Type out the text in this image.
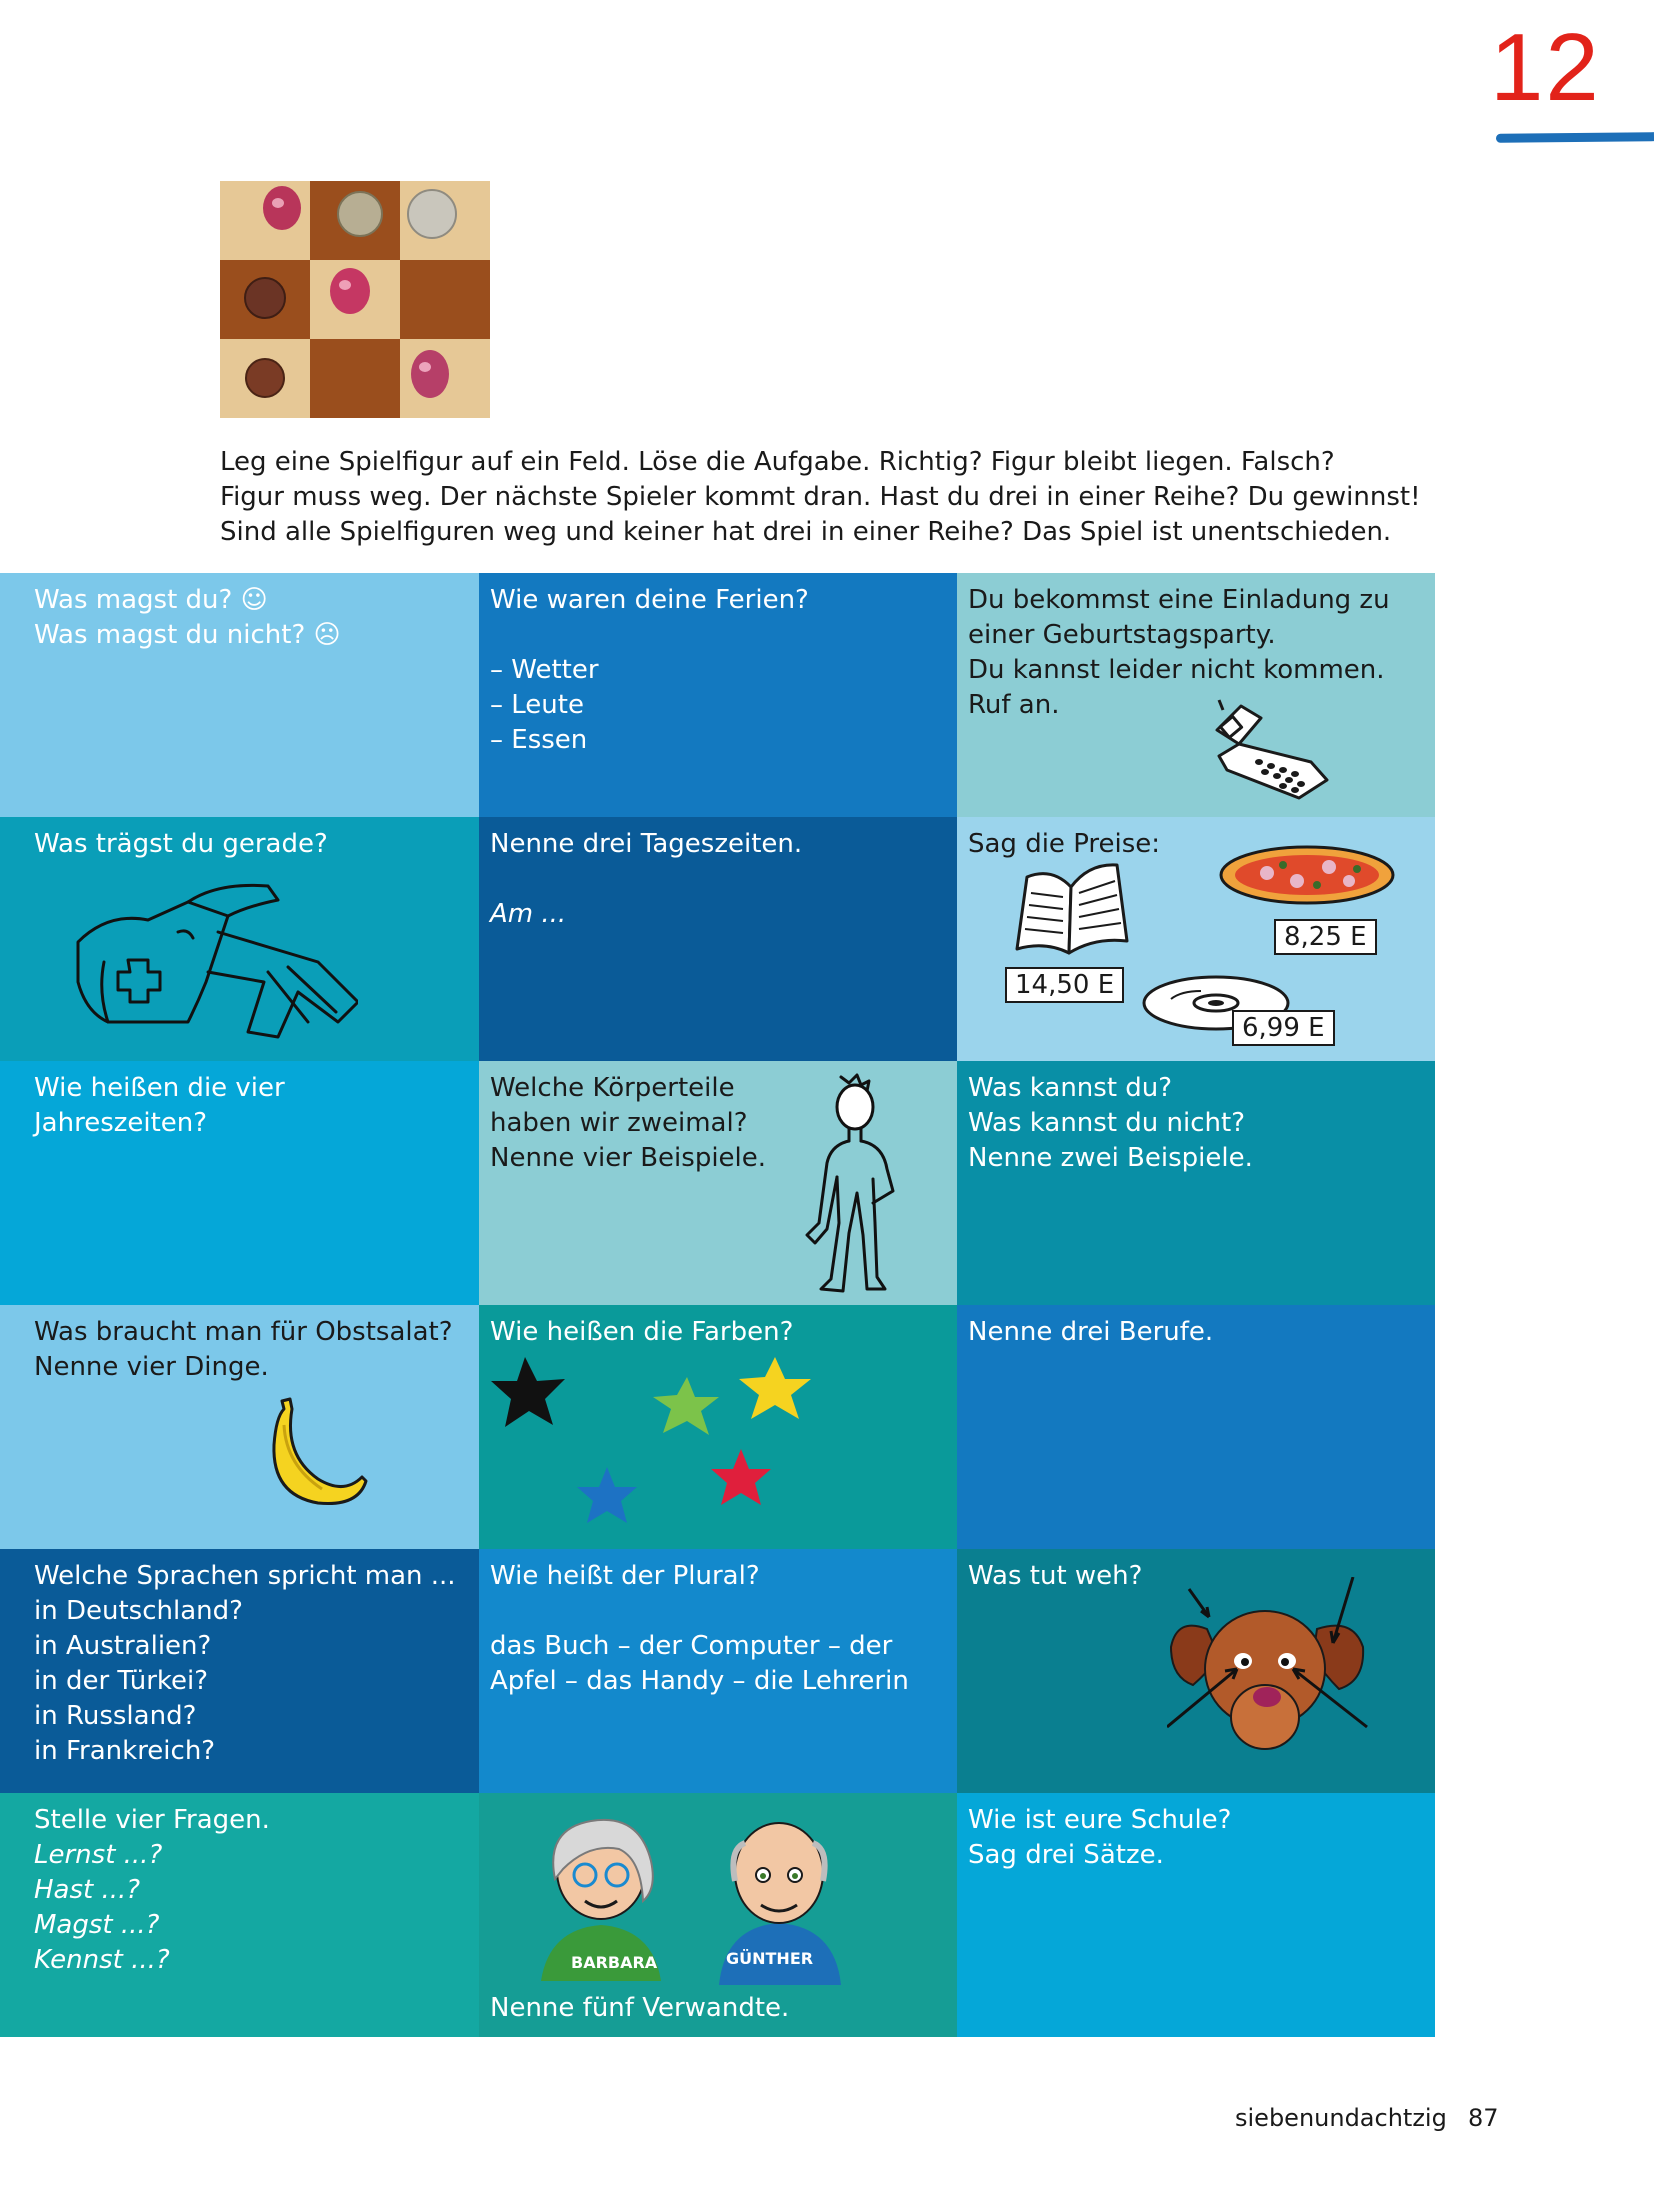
12
Leg eine Spielfigur auf ein Feld. Löse die Aufgabe. Richtig? Figur bleibt liegen. Falsch?
Figur muss weg. Der nächste Spieler kommt dran. Hast du drei in einer Reihe? Du gewinnst!
Sind alle Spielfiguren weg und keiner hat drei in einer Reihe? Das Spiel ist unentschieden.
Was magst du? ☺
Was magst du nicht? ☹
Wie waren deine Ferien?
– Wetter
– Leute
– Essen
Du bekommst eine Einladung zu
einer Geburtstagsparty.
Du kannst leider nicht kommen.
Ruf an.
Was trägst du gerade?	Nenne drei Tageszeiten.
Am ...
Sag die Preise:
8,25 E
14,50 E
6,99 E
Wie heißen die vier
Jahreszeiten?
Welche Körperteile
haben wir zweimal?
Nenne vier Beispiele.
Was kannst du?
Was kannst du nicht?
Nenne zwei Beispiele.
Was braucht man für Obstsalat?
Nenne vier Dinge.
Wie heißen die Farben?	Nenne drei Berufe.
Welche Sprachen spricht man ...
in Deutschland?
in Australien?
in der Türkei?
in Russland?
in Frankreich?
Wie heißt der Plural?
das Buch – der Computer – der
Apfel – das Handy – die Lehrerin
Was tut weh?
Stelle vier Fragen.
Lernst ...?
Hast ...?
Magst ...?
Kennst ...?	BARBARA	GÜNTHER
Nenne fünf Verwandte.
Wie ist eure Schule?
Sag drei Sätze.
siebenundachtzig 87
